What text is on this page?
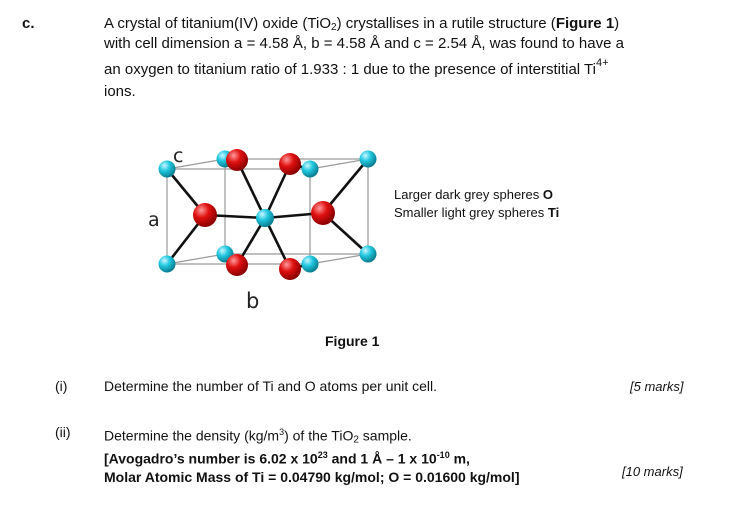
c.	A crystal of titanium(IV) oxide (TiO$_2$) crystallises in a rutile structure (Figure 1)
with cell dimension a = 4.58 Å, b = 4.58 Å and c = 2.54 Å, was found to have a
an oxygen to titanium ratio of 1.933 : 1 due to the presence of interstitial $Ti^{4+}$
ions.
c
a
b
Larger dark grey spheres O
Smaller light grey spheres Ti
Figure 1
(i)	Determine the number of Ti and O atoms per unit cell.	[5 marks]
(ii) Determine the density $(kg/m^3)$ of the TiO$_2$ sample.
[Avogadro’s number is 6.02 x $10^{23}$ and 1 Å – 1 x $10^{-10}$ m,
Molar Atomic Mass of Ti = 0.04790 kg/mol; O = 0.01600 kg/mol]	[10 marks]
